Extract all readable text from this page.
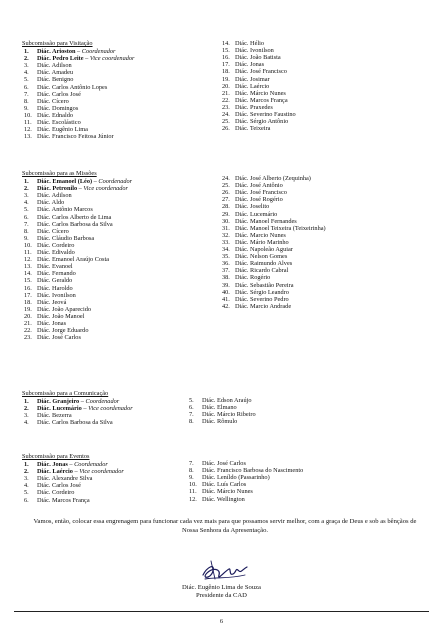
Subcomissão para Visitação
1.	Diác. Arioston – Coordenador
2.	Diác. Pedro Leite – Vice coordenador
3.	Diác. Adilson
4.	Diác. Amadeu
5.	Diác. Benigno
6.	Diác. Carlos Antônio Lopes
7.	Diác. Carlos José
8.	Diác. Cícero
9.	Diác. Domingos
10. Diác. Ednaldo
11. Diác. Escolástico
12. Diác. Eugênio Lima
13. Diác. Francisco Feitosa Júnior
14. Diác. Hélio
15. Diác. Ivonilson
16. Diác. João Batista
17. Diác. Jonas
18. Diác. José Francisco
19. Diác. Josimar
20. Diác. Laércio
21. Diác. Márcio Nunes
22. Diác. Marcos França
23. Diác. Praxedes
24. Diác. Severino Faustino
25. Diác. Sérgio Antônio
26. Diác. Teixeira
Subcomissão para as Missões
1.	Diác. Emanoel (Léo) – Coordenador
2.	Diác. Petronilo – Vice coordenador
3.	Diác. Adilson
4.	Diác. Aldo
5.	Diác. Antônio Marcos
6.	Diác. Carlos Alberto de Lima
7.	Diác. Carlos Barbosa da Silva
8.	Diác. Cícero
9.	Diác. Cláudio Barbosa
10. Diác. Cordeiro
11. Diác. Edivaldo
12. Diác. Emanoel Araújo Costa
13. Diác. Evanoel
14. Diác. Fernando
15. Diác. Geraldo
16. Diác. Haroldo
17. Diác. Ivonilson
18. Diác. Jeová
19. Diác. João Aparecido
20. Diác. João Manoel
21. Diác. Jonas
22. Diác. Jorge Eduardo
23. Diác. José Carlos
24. Diác. José Alberto (Zequinha)
25. Diác. José Antônio
26. Diác. José Francisco
27. Diác. José Rogério
28. Diác. Joselito
29. Diác. Lucemário
30. Diác. Manoel Fernandes
31. Diác. Manoel Teixeira (Teixeirinha)
32. Diác. Marcio Nunes
33. Diác. Mário Marinho
34. Diác. Napoleão Aguiar
35. Diác. Nelson Gomes
36. Diác. Raimundo Alves
37. Diác. Ricardo Cabral
38. Diác. Rogério
39. Diác. Sebastião Pereira
40. Diác. Sérgio Leandro
41. Diác. Severino Pedro
42. Diác. Marcio Andrade
Subcomissão para a Comunicação
1.	Diác. Granjeiro – Coordenador
2.	Diác. Lucemário – Vice coordenador
3.	Diác. Bezerra
4.	Diác. Carlos Barbosa da Silva
5.	Diác. Edson Araújo
6.	Diác. Elmano
7.	Diác. Márcio Ribeiro
8.	Diác. Rômulo
Subcomissão para Eventos
1.	Diác. Jonas – Coordenador
2.	Diác. Laércio – Vice coordenador
3.	Diác. Alexandre Silva
4.	Diác. Carlos José
5.	Diác. Cordeiro
6.	Diác. Marcos França
7.	Diác. José Carlos
8.	Diác. Francisco Barbosa do Nascimento
9.	Diác. Leníldo (Passarinho)
10. Diác. Luís Carlos
11. Diác. Márcio Nunes
12. Diác. Wellington
Vamos, então, colocar essa engrenagem para funcionar cada vez mais para que possamos servir melhor, com a graça de Deus e sob as bênçãos de Nossa Senhora da Apresentação.
Diác. Eugênio Lima de Souza
Presidente da CAD
6
